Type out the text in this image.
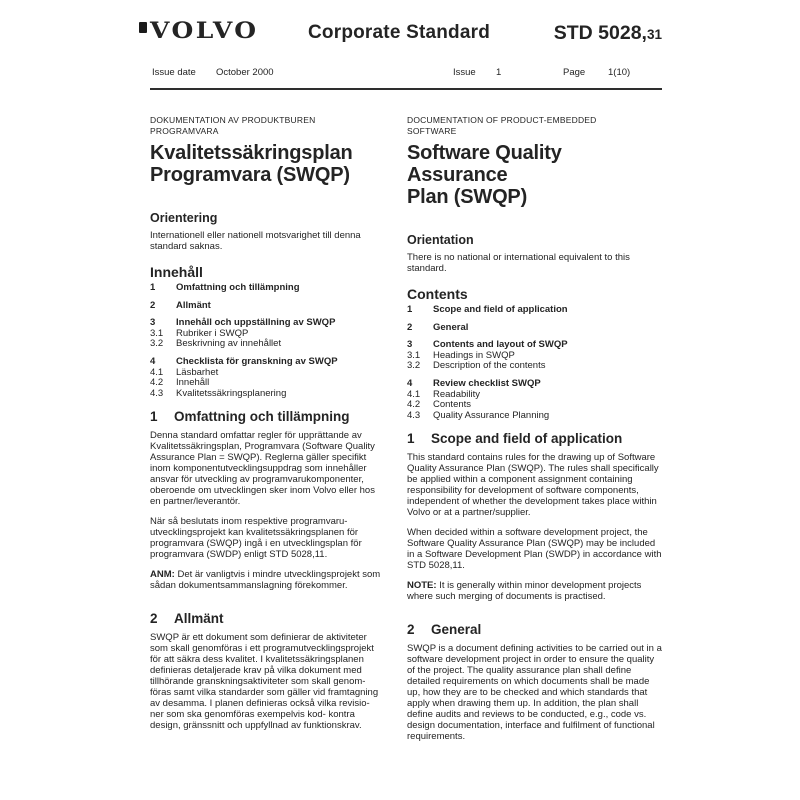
VOLVO	Corporate Standard	STD 5028,31
Issue date October 2000	Issue 1	Page 1(10)
DOKUMENTATION AV PRODUKTBUREN
PROGRAMVARA
Kvalitetssäkringsplan
Programvara (SWQP)
Orientering

Internationell eller nationell motsvarighet till denna standard saknas.

Innehåll
1	Omfattning och tillämpning
2	Allmänt
3	Innehåll och uppställning av SWQP
3.1	Rubriker i SWQP
3.2	Beskrivning av innehållet
4	Checklista för granskning av SWQP
4.1	Läsbarhet
4.2	Innehåll
4.3	Kvalitetssäkringsplanering
1	Omfattning och tillämpning

Denna standard omfattar regler för upprättande av Kvalitetssäkringsplan, Programvara (Software Quality Assurance Plan = SWQP). Reglerna gäller specifikt inom komponentutvecklingsuppdrag som innehåller ansvar för utveckling av programvarukomponenter, oberoende om utvecklingen sker inom Volvo eller hos en partner/leverantör.

När så beslutats inom respektive programvaru-utvecklingsprojekt kan kvalitetssäkringsplanen för programvara (SWQP) ingå i en utvecklingsplan för programvara (SWDP) enligt STD 5028,11.

ANM: Det är vanligtvis i mindre utvecklingsprojekt som sådan dokumentsammanslagning förekommer.

2	Allmänt

SWQP är ett dokument som definierar de aktiviteter som skall genomföras i ett programutvecklingsprojekt för att säkra dess kvalitet. I kvalitetssäkringsplanen definieras detaljerade krav på vilka dokument med tillhörande granskningsaktiviteter som skall genom-föras samt vilka standarder som gäller vid framtagning av desamma. I planen definieras också vilka revisio-ner som ska genomföras exempelvis kod- kontra design, gränssnitt och uppfyllnad av funktionskrav.

DOCUMENTATION OF PRODUCT-EMBEDDED
SOFTWARE
Software Quality Assurance
Plan (SWQP)
Orientation

There is no national or international equivalent to this standard.

Contents
1	Scope and field of application
2	General
3	Contents and layout of SWQP
3.1	Headings in SWQP
3.2	Description of the contents
4	Review checklist SWQP
4.1	Readability
4.2	Contents
4.3	Quality Assurance Planning
1	Scope and field of application

This standard contains rules for the drawing up of Software Quality Assurance Plan (SWQP). The rules shall specifically be applied within a component assignment containing responsibility for development of software components, independent of whether the development takes place within Volvo or at a partner/supplier.

When decided within a software development project, the Software Quality Assurance Plan (SWQP) may be included in a Software Development Plan (SWDP) in accordance with STD 5028,11.

NOTE: It is generally within minor development projects where such merging of documents is practised.

2	General

SWQP is a document defining activities to be carried out in a software development project in order to ensure the quality of the project. The quality assurance plan shall define detailed requirements on which documents shall be made up, how they are to be checked and which standards that apply when drawing them up. In addition, the plan shall define audits and reviews to be conducted, e.g., code vs. design documentation, interface and fulfilment of functional requirements.
